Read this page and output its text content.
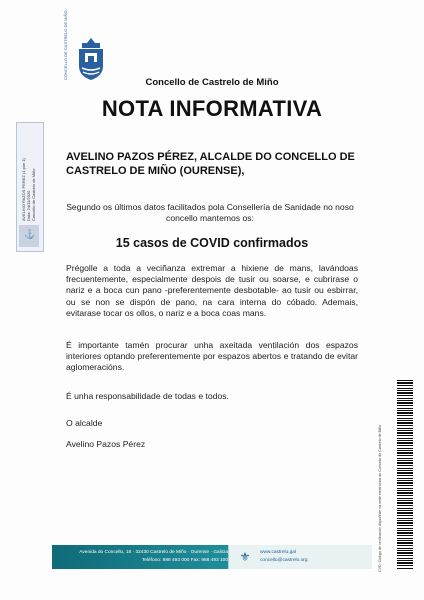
CONCELLO DE CASTRELO DE MIÑO
Concello de Castrelo de Miño
NOTA INFORMATIVA
AVELINO PAZOS PÉREZ, ALCALDE DO CONCELLO DE CASTRELO DE MIÑO (OURENSE),
Segundo os últimos datos facilitados pola Consellería de Sanidade no noso concello mantemos os:
15 casos de COVID confirmados
Prégolle a toda a veciñanza extremar a hixiene de mans, lavándoas frecuentemente, especialmente despois de tusir ou soarse, e cubrirase o nariz e a boca cun pano -preferentemente desbotable- ao tusir ou esbirrar, ou se non se dispón de pano, na cara interna do cóbado. Ademais, evitarase tocar os ollos, o nariz e a boca coas mans.
É importante tamén procurar unha axeitada ventilación dos espazos interiores optando preferentemente por espazos abertos e tratando de evitar aglomeracións.
É unha responsabilidade de todas e todos.
O alcalde
Avelino Pazos Pérez
AVELINO PAZOS PEREZ (1 pxe 1)
Data: 24/11/2020
Concello de Castrelo de Miño
⚓
CVD: Código de verificación dispoñible na sede electrónica do Concello de Castrelo de Miño
Avenida do Concello, 18 · 32430 Castrelo de Miño · Ourense · Galicia
Teléfono: 988 493 000 Fax: 988 493 100 ⚜	www.castrelo.gal
concello@castrelo.org
